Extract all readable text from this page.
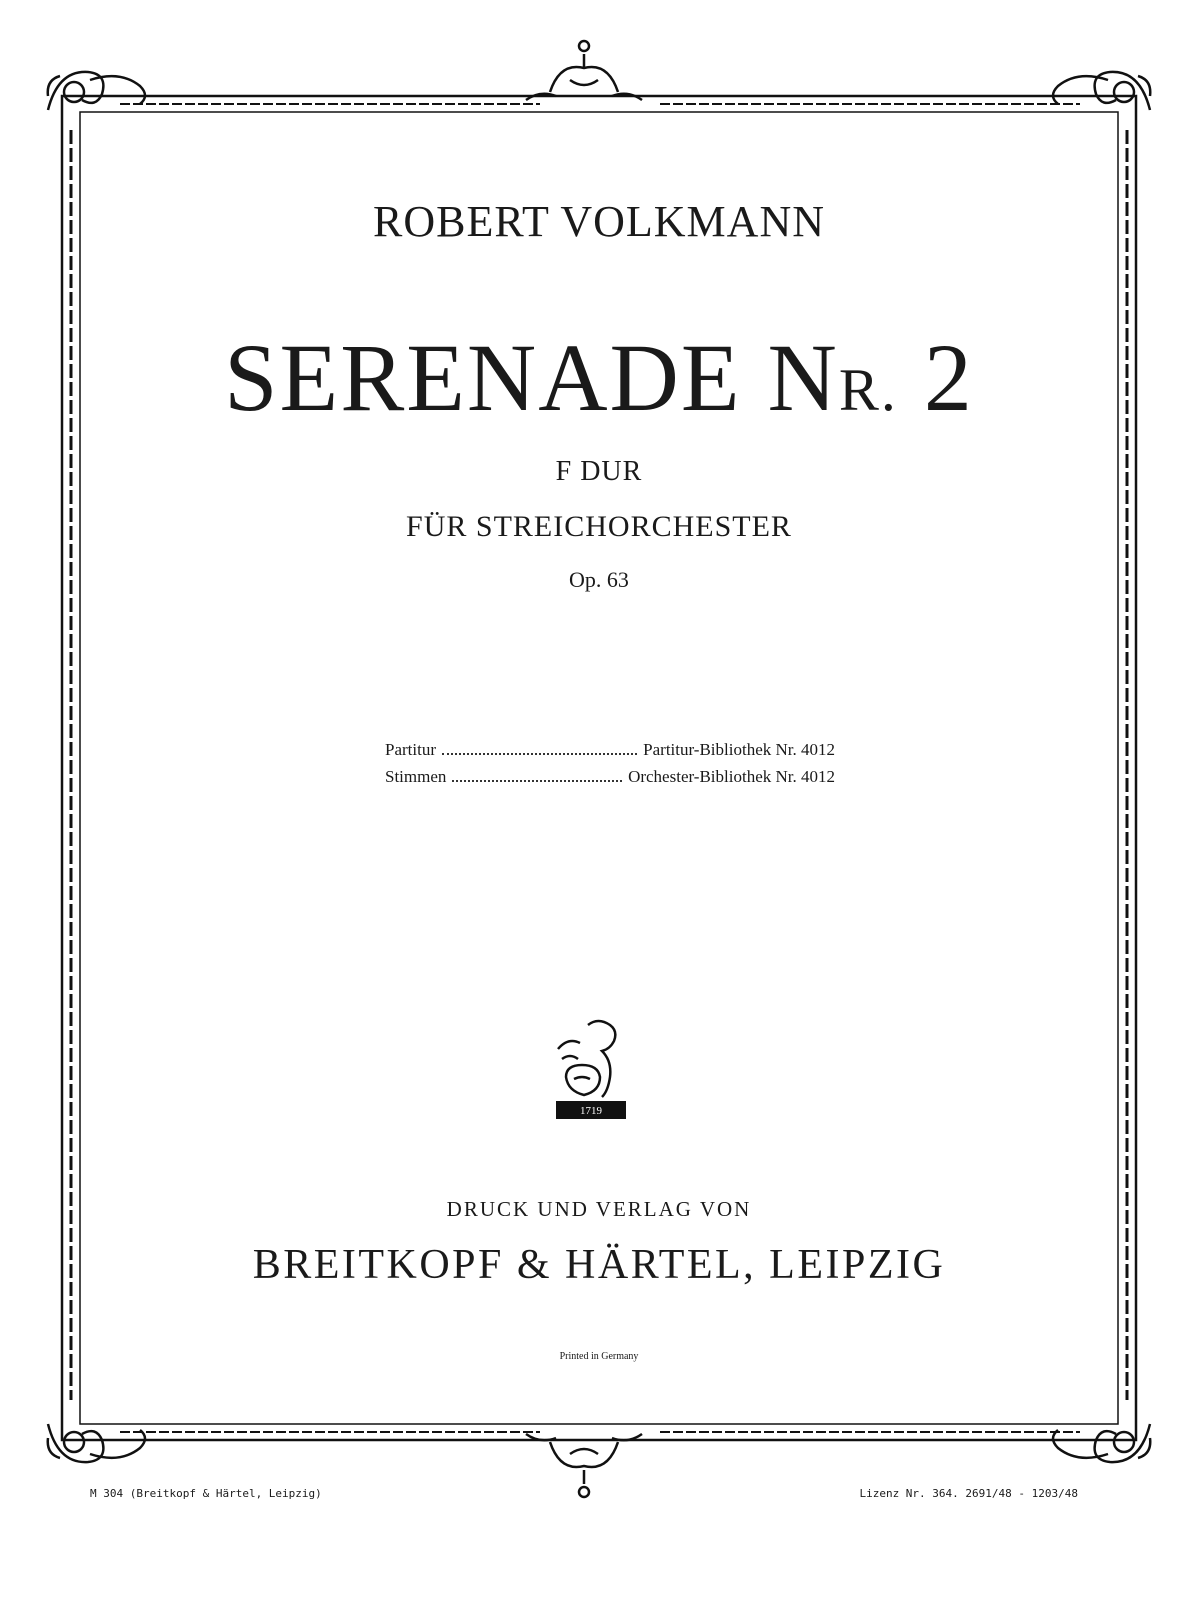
ROBERT VOLKMANN
SERENADE NR. 2
F DUR
FÜR STREICHORCHESTER
Op. 63
Partitur	Partitur-Bibliothek Nr. 4012
Stimmen	Orchester-Bibliothek Nr. 4012
1719
DRUCK UND VERLAG VON
BREITKOPF & HÄRTEL, LEIPZIG
Printed in Germany
M 304 (Breitkopf & Härtel, Leipzig)	Lizenz Nr. 364. 2691/48 - 1203/48
